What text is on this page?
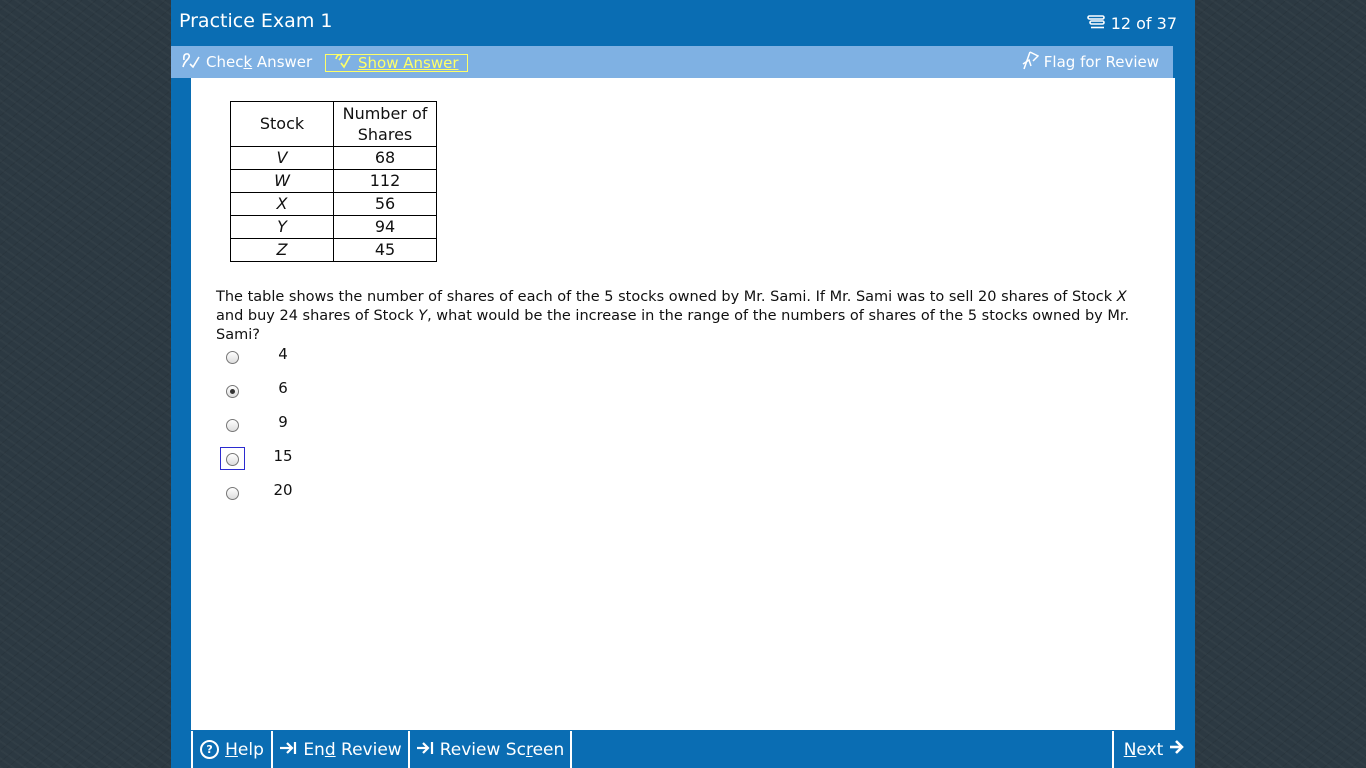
Practice Exam 1	12 of 37
Check Answer	Show Answer	Flag for Review
Stock	Number of
Shares
V	68
W	112
X	56
Y	94
Z	45
The table shows the number of shares of each of the 5 stocks owned by Mr. Sami. If Mr. Sami was to sell 20 shares of Stock X and buy 24 shares of Stock Y, what would be the increase in the range of the numbers of shares of the 5 stocks owned by Mr. Sami?
4
6
9
15
20
? Help End Review Review Screen	Next
